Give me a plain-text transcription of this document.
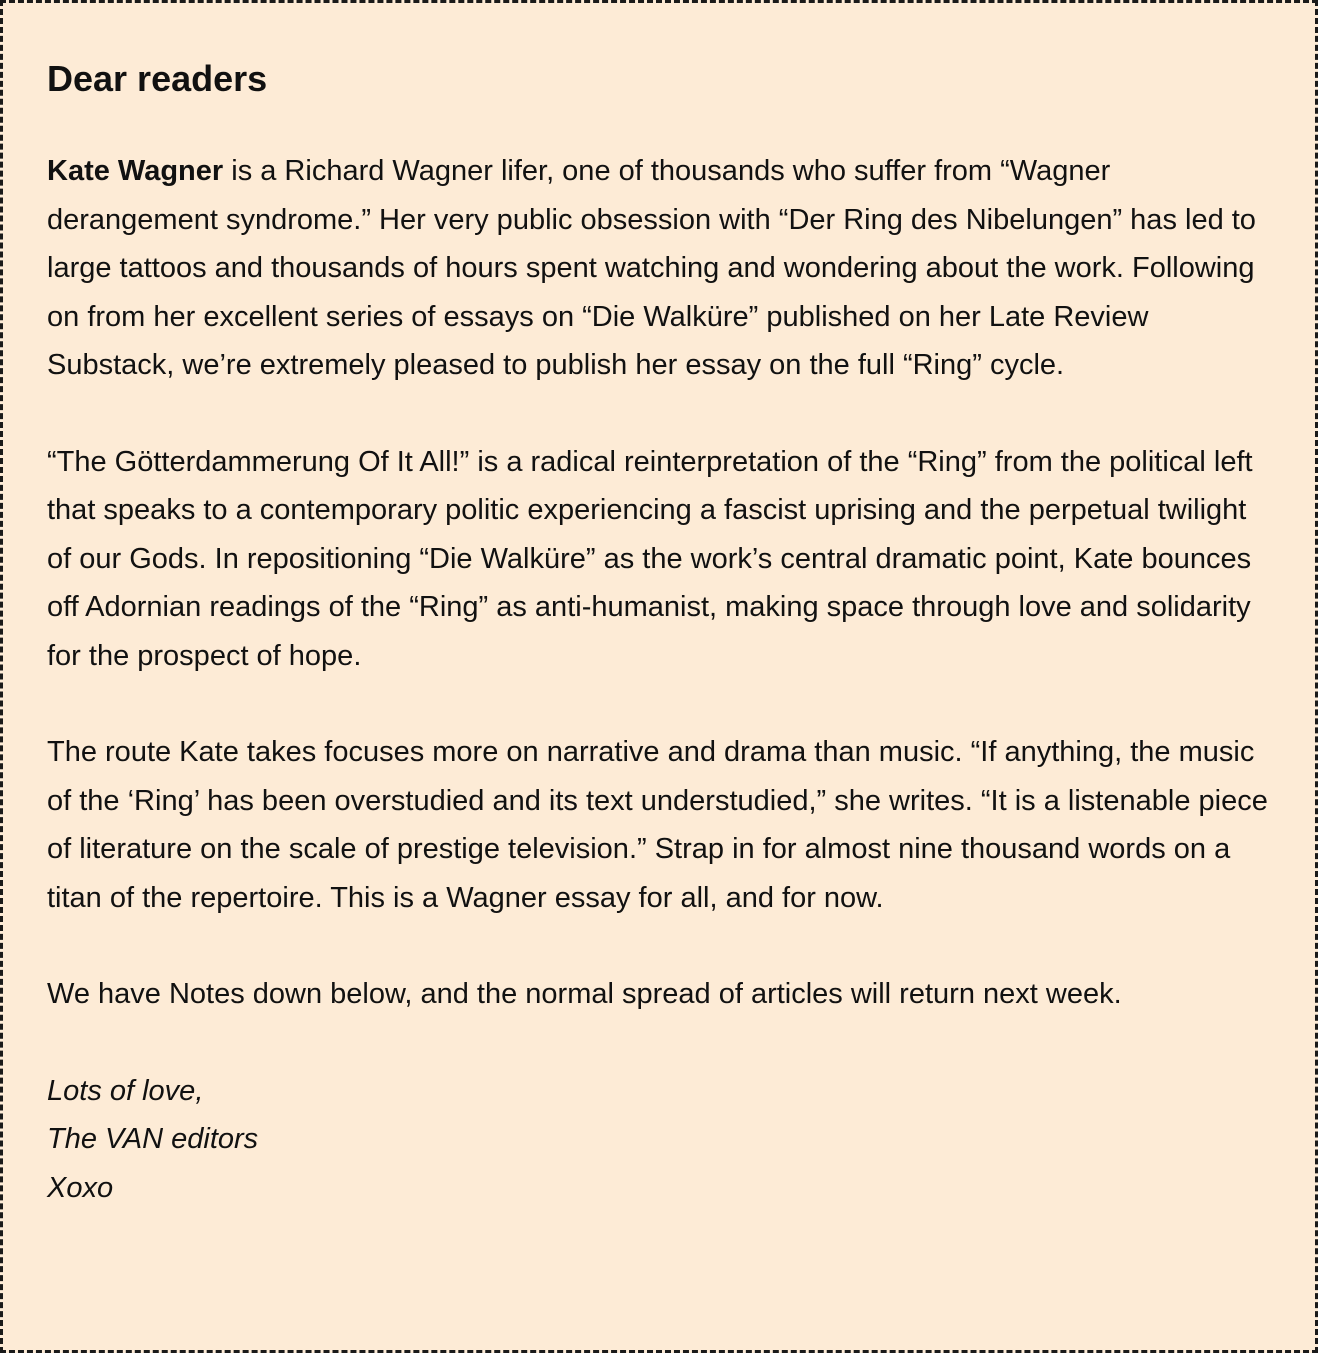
Dear readers

Kate Wagner is a Richard Wagner lifer, one of thousands who suffer from “Wagner derangement syndrome.” Her very public obsession with “Der Ring des Nibelungen” has led to large tattoos and thousands of hours spent watching and wondering about the work. Following on from her excellent series of essays on “Die Walküre” published on her Late Review Substack, we’re extremely pleased to publish her essay on the full “Ring” cycle.

“The Götterdammerung Of It All!” is a radical reinterpretation of the “Ring” from the political left that speaks to a contemporary politic experiencing a fascist uprising and the perpetual twilight of our Gods. In repositioning “Die Walküre” as the work’s central dramatic point, Kate bounces off Adornian readings of the “Ring” as anti-humanist, making space through love and solidarity for the prospect of hope.

The route Kate takes focuses more on narrative and drama than music. “If anything, the music of the ‘Ring’ has been overstudied and its text understudied,” she writes. “It is a listenable piece of literature on the scale of prestige television.” Strap in for almost nine thousand words on a titan of the repertoire. This is a Wagner essay for all, and for now.

We have Notes down below, and the normal spread of articles will return next week.

Lots of love,
The VAN editors
Xoxo
